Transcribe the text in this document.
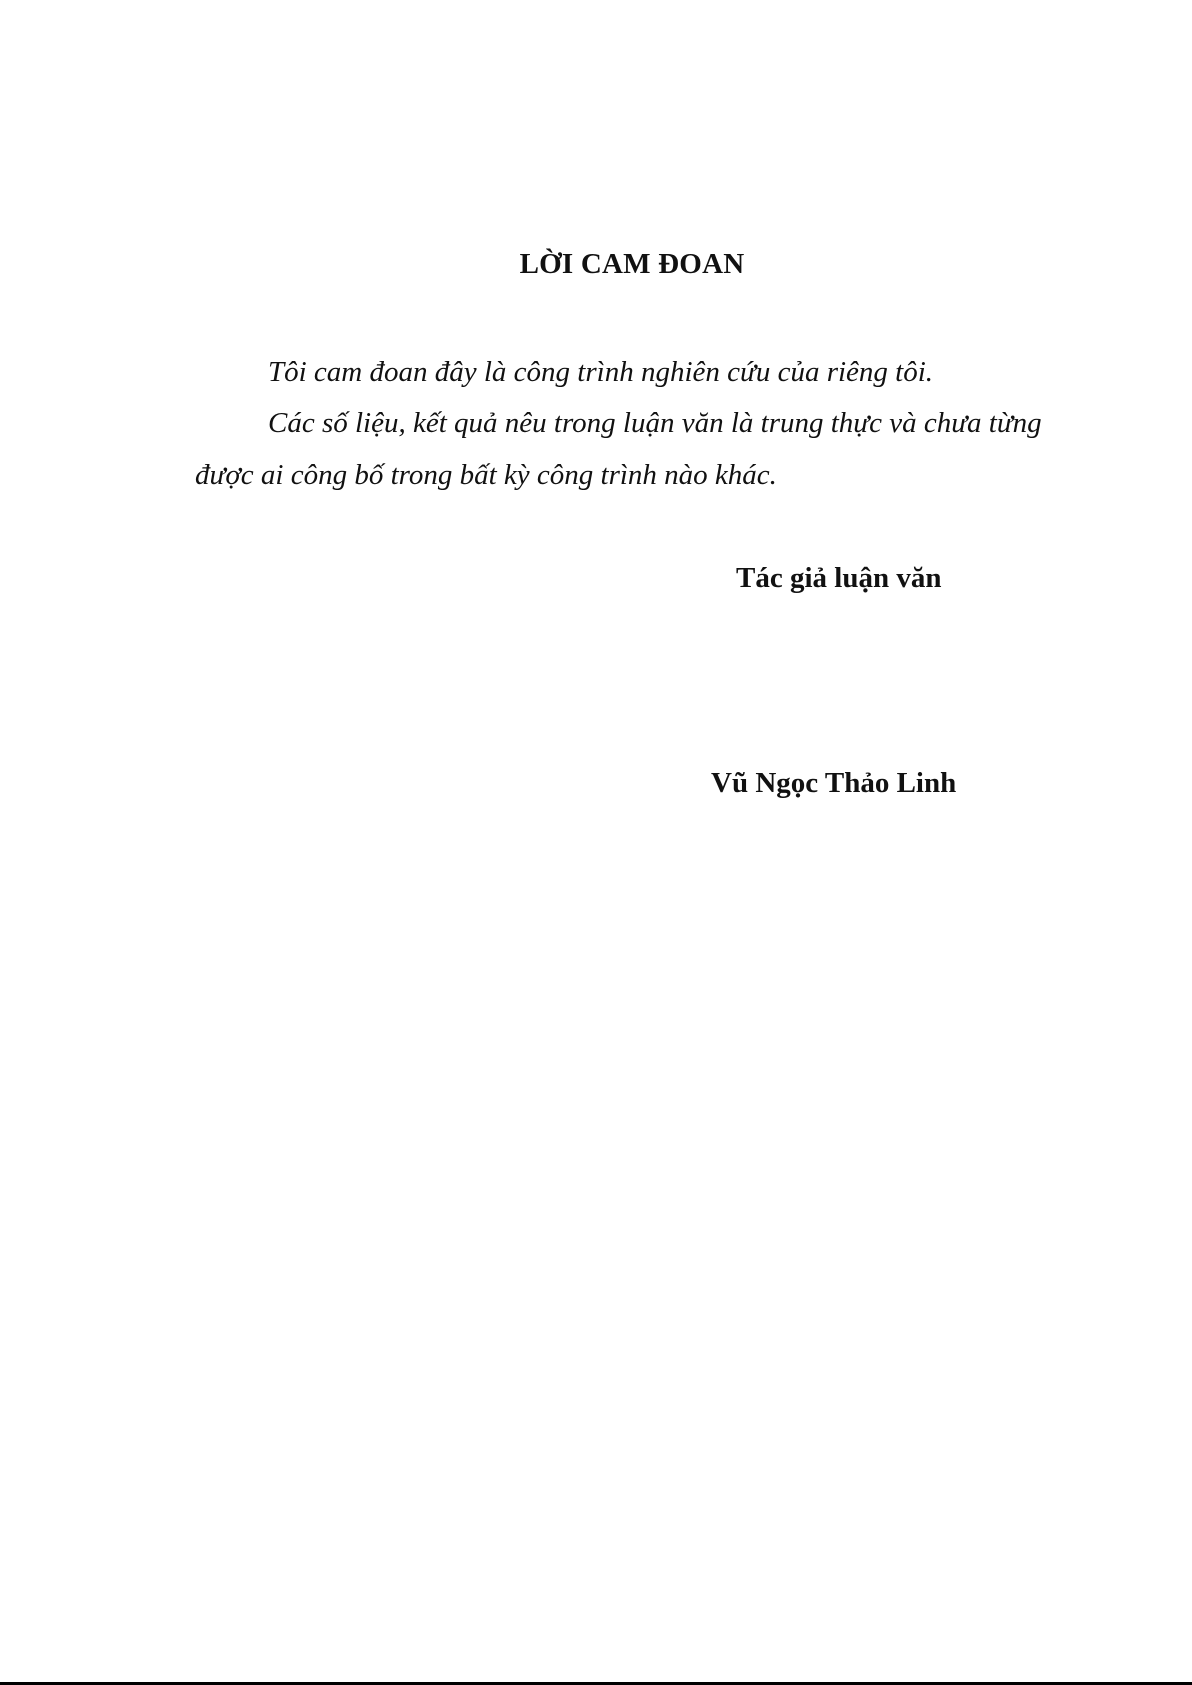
LỜI CAM ĐOAN
Tôi cam đoan đây là công trình nghiên cứu của riêng tôi.
Các số liệu, kết quả nêu trong luận văn là trung thực và chưa từng
được ai công bố trong bất kỳ công trình nào khác.
Tác giả luận văn
Vũ Ngọc Thảo Linh
